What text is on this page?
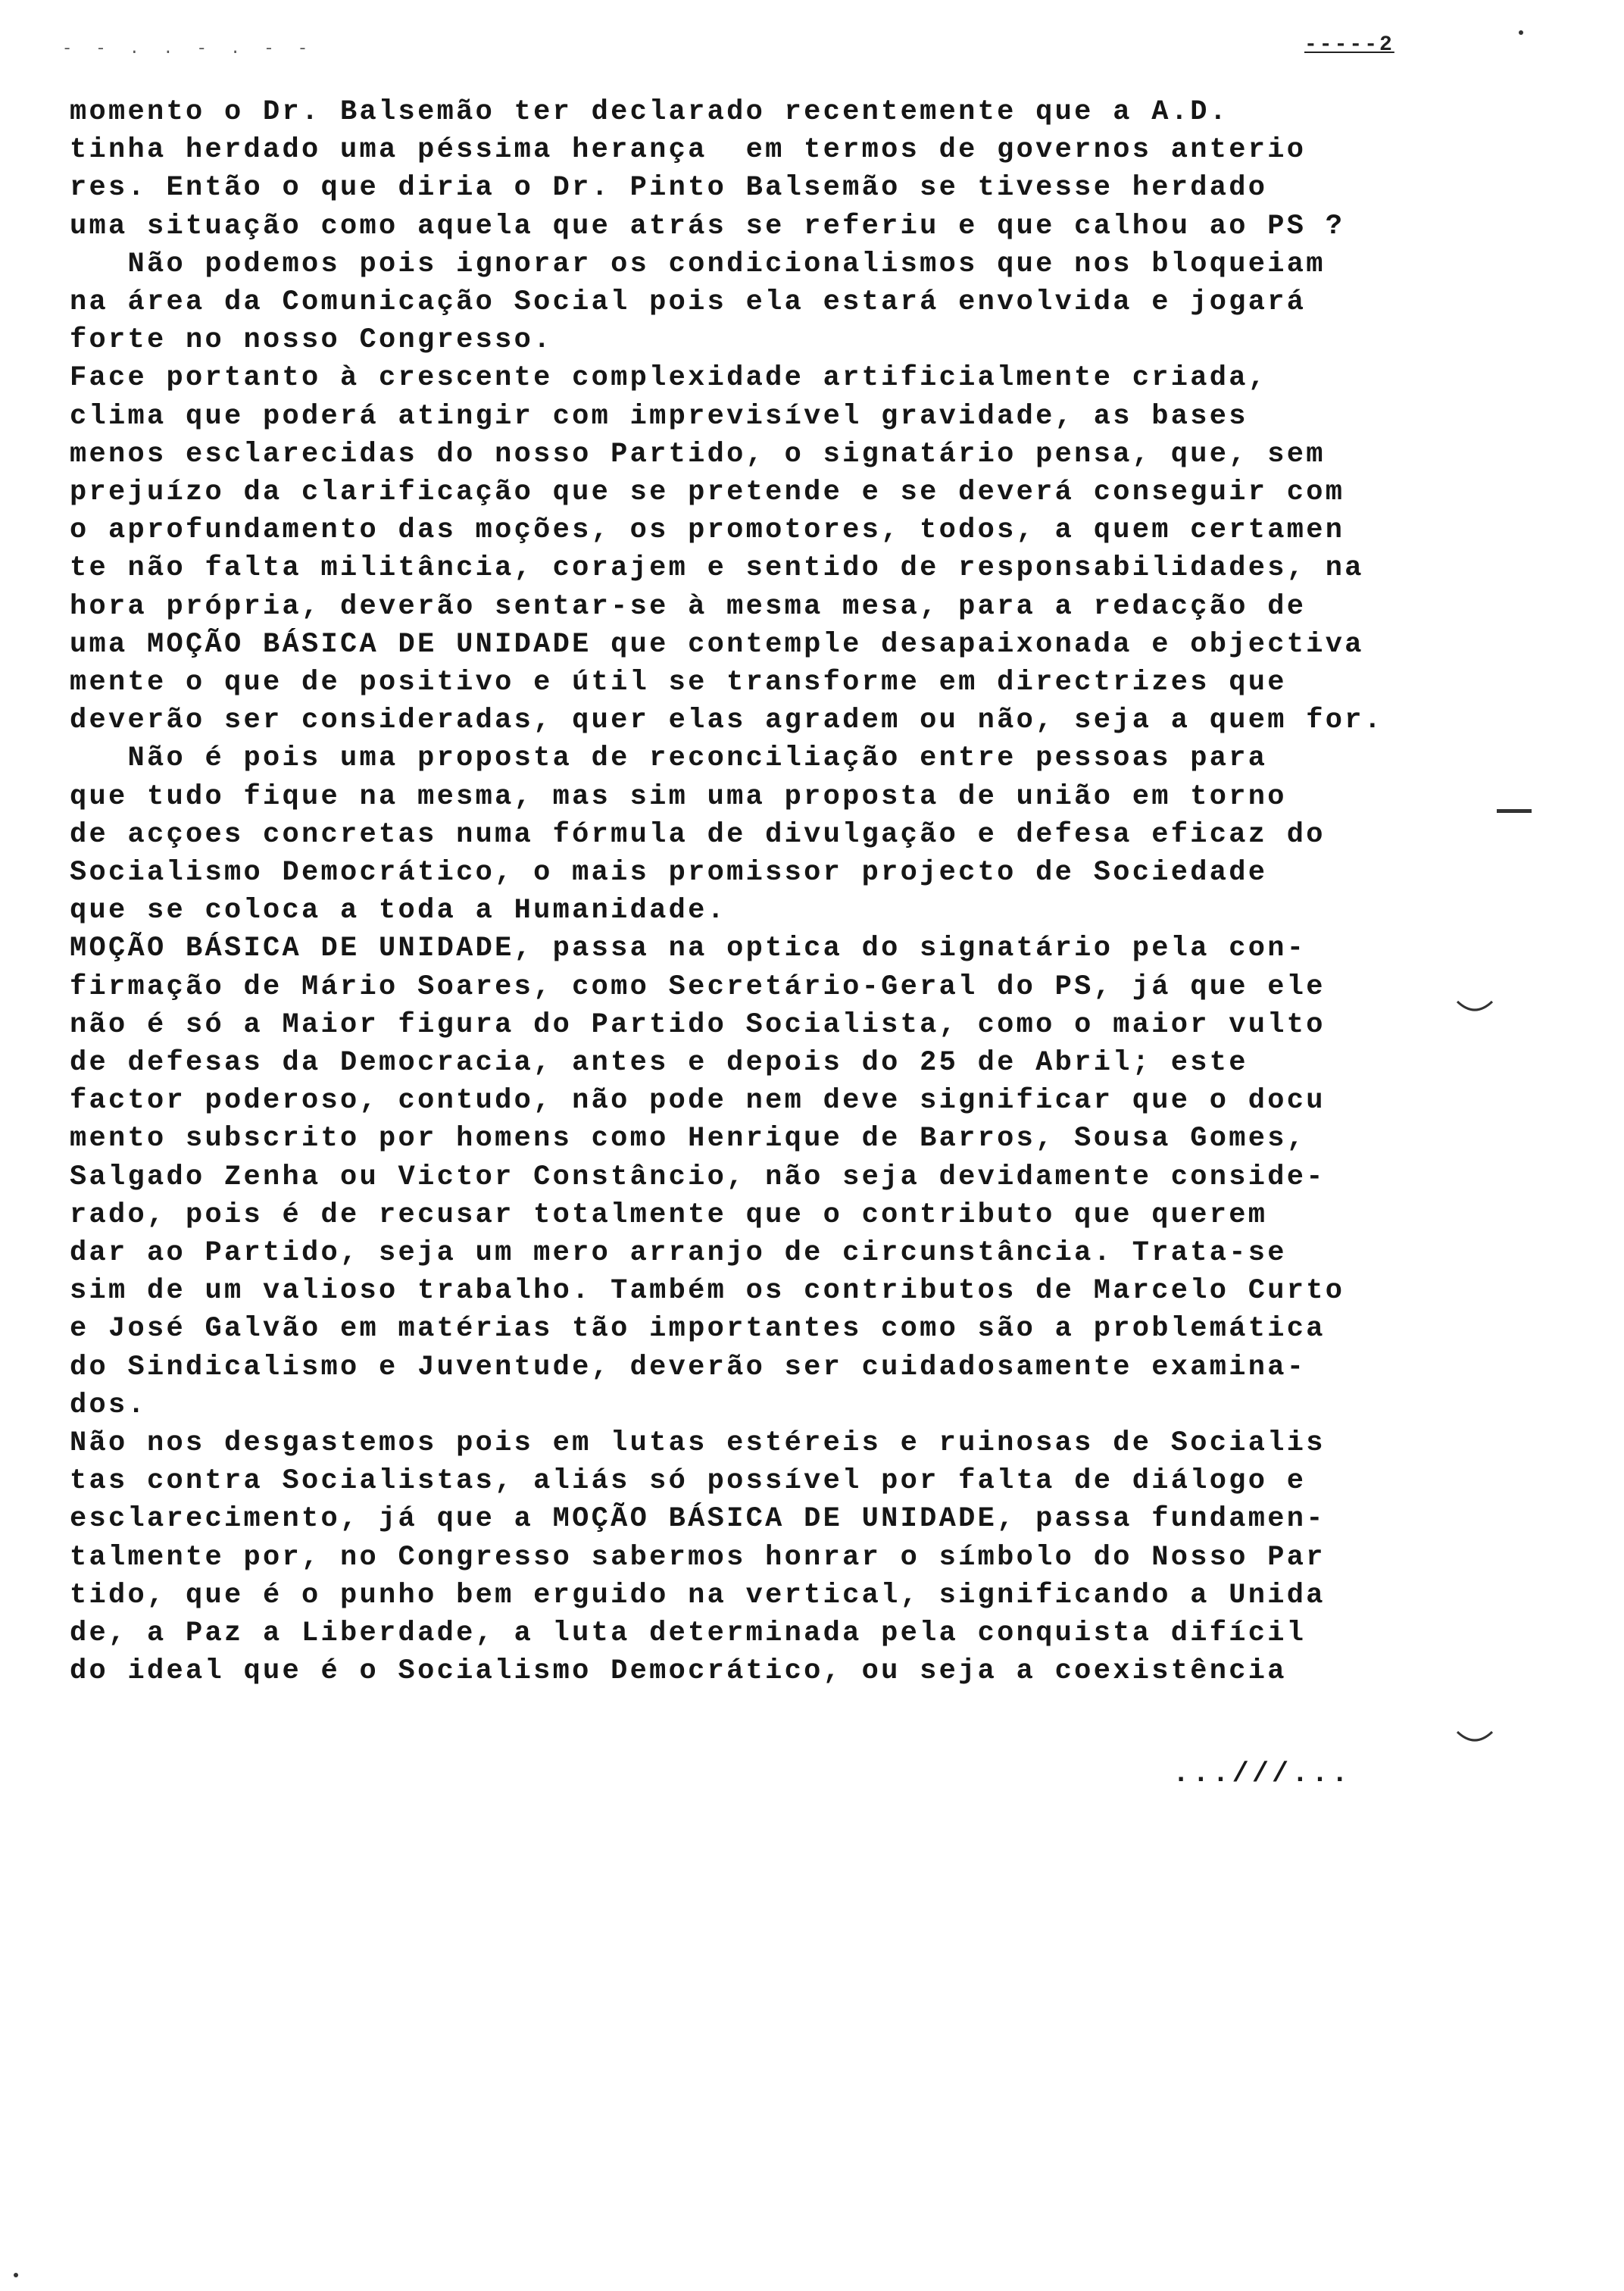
- - . . - . - -	-----2
momento o Dr. Balsemão ter declarado recentemente que a A.D.
tinha herdado uma péssima herança  em termos de governos anterio
res. Então o que diria o Dr. Pinto Balsemão se tivesse herdado
uma situação como aquela que atrás se referiu e que calhou ao PS ?
Não podemos pois ignorar os condicionalismos que nos bloqueiam
na área da Comunicação Social pois ela estará envolvida e jogará
forte no nosso Congresso.
Face portanto à crescente complexidade artificialmente criada,
clima que poderá atingir com imprevisível gravidade, as bases
menos esclarecidas do nosso Partido, o signatário pensa, que, sem
prejuízo da clarificação que se pretende e se deverá conseguir com
o aprofundamento das moções, os promotores, todos, a quem certamen
te não falta militância, corajem e sentido de responsabilidades, na
hora própria, deverão sentar-se à mesma mesa, para a redacção de
uma MOÇÃO BÁSICA DE UNIDADE que contemple desapaixonada e objectiva
mente o que de positivo e útil se transforme em directrizes que
deverão ser consideradas, quer elas agradem ou não, seja a quem for.
Não é pois uma proposta de reconciliação entre pessoas para
que tudo fique na mesma, mas sim uma proposta de união em torno
de acçoes concretas numa fórmula de divulgação e defesa eficaz do
Socialismo Democrático, o mais promissor projecto de Sociedade
que se coloca a toda a Humanidade.
MOÇÃO BÁSICA DE UNIDADE, passa na optica do signatário pela con-
firmação de Mário Soares, como Secretário-Geral do PS, já que ele
não é só a Maior figura do Partido Socialista, como o maior vulto
de defesas da Democracia, antes e depois do 25 de Abril; este
factor poderoso, contudo, não pode nem deve significar que o docu
mento subscrito por homens como Henrique de Barros, Sousa Gomes,
Salgado Zenha ou Victor Constâncio, não seja devidamente conside-
rado, pois é de recusar totalmente que o contributo que querem
dar ao Partido, seja um mero arranjo de circunstância. Trata-se
sim de um valioso trabalho. Também os contributos de Marcelo Curto
e José Galvão em matérias tão importantes como são a problemática
do Sindicalismo e Juventude, deverão ser cuidadosamente examina-
dos.
Não nos desgastemos pois em lutas estéreis e ruinosas de Socialis
tas contra Socialistas, aliás só possível por falta de diálogo e
esclarecimento, já que a MOÇÃO BÁSICA DE UNIDADE, passa fundamen-
talmente por, no Congresso sabermos honrar o símbolo do Nosso Par
tido, que é o punho bem erguido na vertical, significando a Unida
de, a Paz a Liberdade, a luta determinada pela conquista difícil
do ideal que é o Socialismo Democrático, ou seja a coexistência
...///...
